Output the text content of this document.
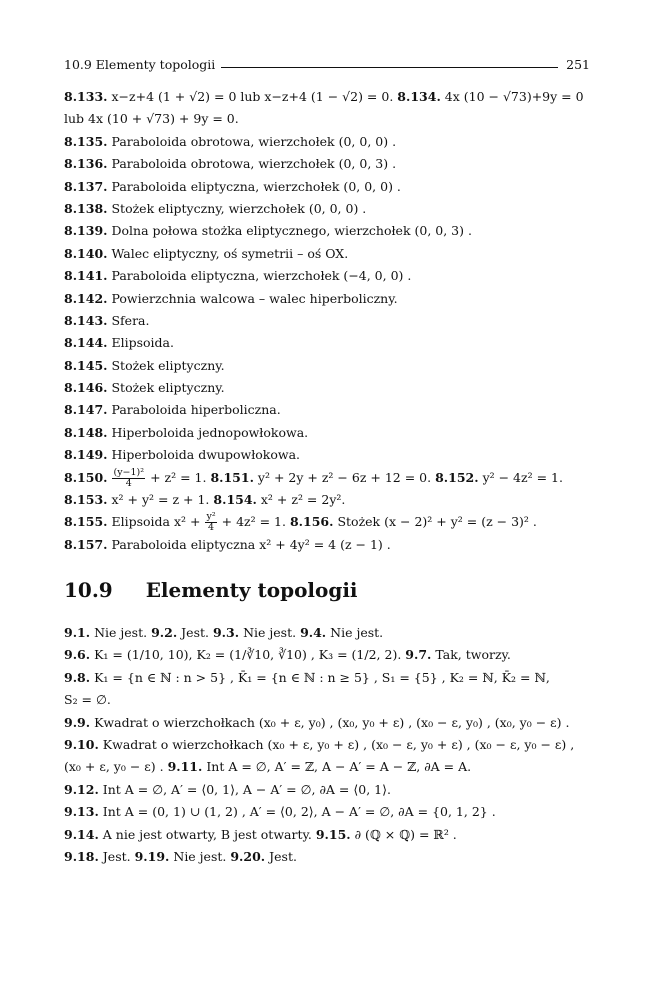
10.9 Elementy topologii	251
8.133. x−z+4 (1 + √2) = 0 lub x−z+4 (1 − √2) = 0. 8.134. 4x (10 − √73)+9y = 0
lub 4x (10 + √73) + 9y = 0.
8.135. Paraboloida obrotowa, wierzchołek (0, 0, 0) .
8.136. Paraboloida obrotowa, wierzchołek (0, 0, 3) .
8.137. Paraboloida eliptyczna, wierzchołek (0, 0, 0) .
8.138. Stożek eliptyczny, wierzchołek (0, 0, 0) .
8.139. Dolna połowa stożka eliptycznego, wierzchołek (0, 0, 3) .
8.140. Walec eliptyczny, oś symetrii – oś OX.
8.141. Paraboloida eliptyczna, wierzchołek (−4, 0, 0) .
8.142. Powierzchnia walcowa – walec hiperboliczny.
8.143. Sfera.
8.144. Elipsoida.
8.145. Stożek eliptyczny.
8.146. Stożek eliptyczny.
8.147. Paraboloida hiperboliczna.
8.148. Hiperboloida jednopowłokowa.
8.149. Hiperboloida dwupowłokowa.
8.150. $\frac{\text{(y−1)²}}{4} + z^2 = 1$. 8.151. y² + 2y + z² − 6z + 12 = 0. 8.152. y² − 4z² = 1.
8.153. x² + y² = z + 1. 8.154. x² + z² = 2y².
8.155. Elipsoida $x^2 + \frac{\text{y²}}{4} + 4z^2 = 1$. 8.156. Stożek (x − 2)² + y² = (z − 3)² .
8.157. Paraboloida eliptyczna x² + 4y² = 4 (z − 1) .
10.9 Elementy topologii
9.1. Nie jest. 9.2. Jest. 9.3. Nie jest. 9.4. Nie jest.
9.6. K₁ = (1/10, 10), K₂ = (1/∛10, ∛10) , K₃ = (1/2, 2). 9.7. Tak, tworzy.
9.8. K₁ = {n ∈ ℕ : n > 5} , K̄₁ = {n ∈ ℕ : n ≥ 5} , S₁ = {5} , K₂ = ℕ, K̄₂ = ℕ,
S₂ = ∅.
9.9. Kwadrat o wierzchołkach (x₀ + ε, y₀) , (x₀, y₀ + ε) , (x₀ − ε, y₀) , (x₀, y₀ − ε) .
9.10. Kwadrat o wierzchołkach (x₀ + ε, y₀ + ε) , (x₀ − ε, y₀ + ε) , (x₀ − ε, y₀ − ε) ,
(x₀ + ε, y₀ − ε) . 9.11. Int A = ∅, A′ = ℤ, A − A′ = A − ℤ, ∂A = A.
9.12. Int A = ∅, A′ = ⟨0, 1⟩, A − A′ = ∅, ∂A = ⟨0, 1⟩.
9.13. Int A = (0, 1) ∪ (1, 2) , A′ = ⟨0, 2⟩, A − A′ = ∅, ∂A = {0, 1, 2} .
9.14. A nie jest otwarty, B jest otwarty. 9.15. ∂ (ℚ × ℚ) = ℝ² .
9.18. Jest. 9.19. Nie jest. 9.20. Jest.
